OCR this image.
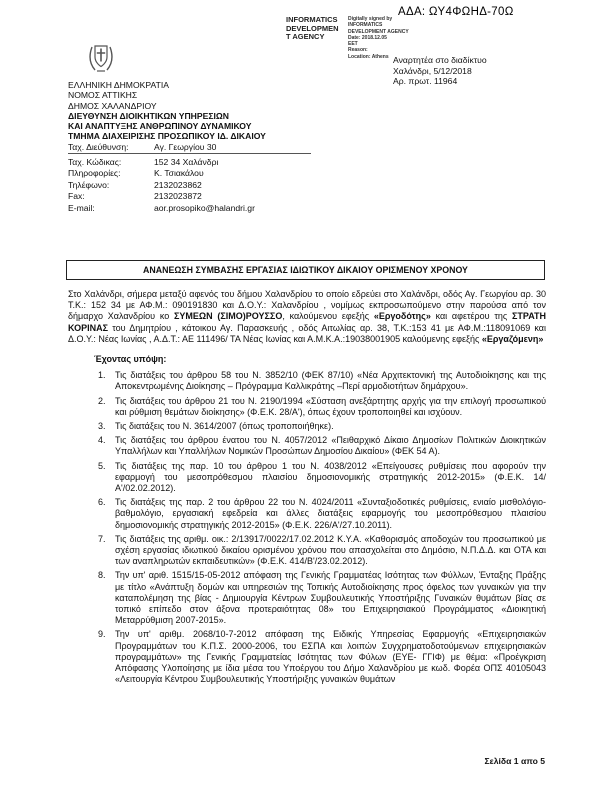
ΑΔΑ: ΩΥ4ΦΩΗΔ-70Ω
INFORMATICS
DEVELOPMEN
T AGENCY
Digitally signed by
INFORMATICS
DEVELOPMENT AGENCY
Date: 2018.12.05
EET
Reason:
Location: Athens Αναρτητέα στο διαδίκτυο
Χαλάνδρι, 5/12/2018
Αρ. πρωτ. 11964
ΕΛΛΗΝΙΚΗ ΔΗΜΟΚΡΑΤΙΑ
ΝΟΜΟΣ ΑΤΤΙΚΗΣ
ΔΗΜΟΣ ΧΑΛΑΝΔΡΙΟΥ
ΔΙΕΥΘΥΝΣΗ ΔΙΟΙΚΗΤΙΚΩΝ ΥΠΗΡΕΣΙΩΝ
ΚΑΙ ΑΝΑΠΤΥΞΗΣ ΑΝΘΡΩΠΙΝΟΥ ΔΥΝΑΜΙΚΟΥ
ΤΜΗΜΑ ΔΙΑΧΕΙΡΙΣΗΣ ΠΡΟΣΩΠΙΚΟΥ ΙΔ. ΔΙΚΑΙΟΥ
Ταχ. Διεύθυνση:	Αγ. Γεωργίου 30
Ταχ. Κώδικας:	152 34 Χαλάνδρι
Πληροφορίες:	Κ. Τσιακάλου
Τηλέφωνο:	2132023862
Fax:	2132023872
E-mail:	aor.prosopiko@halandri.gr
ΑΝΑΝΕΩΣΗ ΣΥΜΒΑΣΗΣ ΕΡΓΑΣΙΑΣ ΙΔΙΩΤΙΚΟΥ ΔΙΚΑΙΟΥ ΟΡΙΣΜΕΝΟΥ ΧΡΟΝΟΥ

Στο Χαλάνδρι, σήμερα μεταξύ αφενός του δήμου Χαλανδρίου το οποίο εδρεύει στο Χαλάνδρι, οδός Αγ. Γεωργίου αρ. 30 Τ.Κ.: 152 34 με ΑΦ.Μ.: 090191830 και Δ.Ο.Υ.: Χαλανδρίου , νομίμως εκπροσωπούμενο στην παρούσα από τον δήμαρχο Χαλανδρίου κο ΣΥΜΕΩΝ (ΣΙΜΟ)ΡΟΥΣΣΟ, καλούμενου εφεξής «Εργοδότης» και αφετέρου της ΣΤΡΑΤΗ ΚΟΡΙΝΑΣ του Δημητρίου , κάτοικου Αγ. Παρασκευής , οδός Αιτωλίας αρ. 38, Τ.Κ.:153 41 με ΑΦ.Μ.:118091069 και Δ.Ο.Υ.: Νέας Ιωνίας , Α.Δ.Τ.: ΑΕ 111496/ ΤΑ Νέας Ιωνίας και Α.Μ.Κ.Α.:19038001905 καλούμενης εφεξής «Εργαζόμενη»

Έχοντας υπόψη:
1.	Τις διατάξεις του άρθρου 58 του Ν. 3852/10 (ΦΕΚ 87/10) «Νέα Αρχιτεκτονική της Αυτοδιοίκησης και της Αποκεντρωμένης Διοίκησης – Πρόγραμμα Καλλικράτης –Περί αρμοδιοτήτων δημάρχου».
2.	Τις διατάξεις του άρθρου 21 του Ν. 2190/1994 «Σύσταση ανεξάρτητης αρχής για την επιλογή προσωπικού και ρύθμιση θεμάτων διοίκησης» (Φ.Ε.Κ. 28/Α'), όπως έχουν τροποποιηθεί και ισχύουν.
3.	Τις διατάξεις του Ν. 3614/2007 (όπως τροποποιήθηκε).
4.	Τις διατάξεις του άρθρου ένατου του Ν. 4057/2012 «Πειθαρχικό Δίκαιο Δημοσίων Πολιτικών Διοικητικών Υπαλλήλων και Υπαλλήλων Νομικών Προσώπων Δημοσίου Δικαίου» (ΦΕΚ 54 Α).
5.	Τις διατάξεις της παρ. 10 του άρθρου 1 του Ν. 4038/2012 «Επείγουσες ρυθμίσεις που αφορούν την εφαρμογή του μεσοπρόθεσμου πλαισίου δημοσιονομικής στρατηγικής 2012-2015» (Φ.Ε.Κ. 14/Α'/02.02.2012).
6.	Τις διατάξεις της παρ. 2 του άρθρου 22 του Ν. 4024/2011 «Συνταξιοδοτικές ρυθμίσεις, ενιαίο μισθολόγιο-βαθμολόγιο, εργασιακή εφεδρεία και άλλες διατάξεις εφαρμογής του μεσοπρόθεσμου πλαισίου δημοσιονομικής στρατηγικής 2012-2015» (Φ.Ε.Κ. 226/Α'/27.10.2011).
7.	Τις διατάξεις της αριθμ. οικ.: 2/13917/0022/17.02.2012 Κ.Υ.Α. «Καθορισμός αποδοχών του προσωπικού με σχέση εργασίας ιδιωτικού δικαίου ορισμένου χρόνου που απασχολείται στο Δημόσιο, Ν.Π.Δ.Δ. και ΟΤΑ και των αναπληρωτών εκπαιδευτικών» (Φ.Ε.Κ. 414/Β'/23.02.2012).
8.	Την υπ' αριθ. 1515/15-05-2012 απόφαση της Γενικής Γραμματέας Ισότητας των Φύλλων, Ένταξης Πράξης με τίτλο «Ανάπτυξη δομών και υπηρεσιών της Τοπικής Αυτοδιοίκησης προς όφελος των γυναικών για την καταπολέμηση της βίας - Δημιουργία Κέντρων Συμβουλευτικής Υποστήριξης Γυναικών θυμάτων βίας σε τοπικό επίπεδο στον άξονα προτεραιότητας 08» του Επιχειρησιακού Προγράμματος «Διοικητική Μεταρρύθμιση 2007-2015».
9.	Την υπ' αριθμ. 2068/10-7-2012 απόφαση της Ειδικής Υπηρεσίας Εφαρμογής «Επιχειρησιακών Προγραμμάτων του Κ.Π.Σ. 2000-2006, του ΕΣΠΑ και λοιπών Συγχρηματοδοτούμενων επιχειρησιακών προγραμμάτων» της Γενικής Γραμματείας Ισότητας των Φύλων (ΕΥΕ- ΓΓΙΦ) με θέμα: «Προέγκριση Απόφασης Υλοποίησης με ίδια μέσα του Υποέργου του Δήμο Χαλανδρίου με κωδ. Φορέα ΟΠΣ 40105043 «Λειτουργία Κέντρου Συμβουλευτικής Υποστήριξης γυναικών θυμάτων
Σελίδα 1 απο 5
